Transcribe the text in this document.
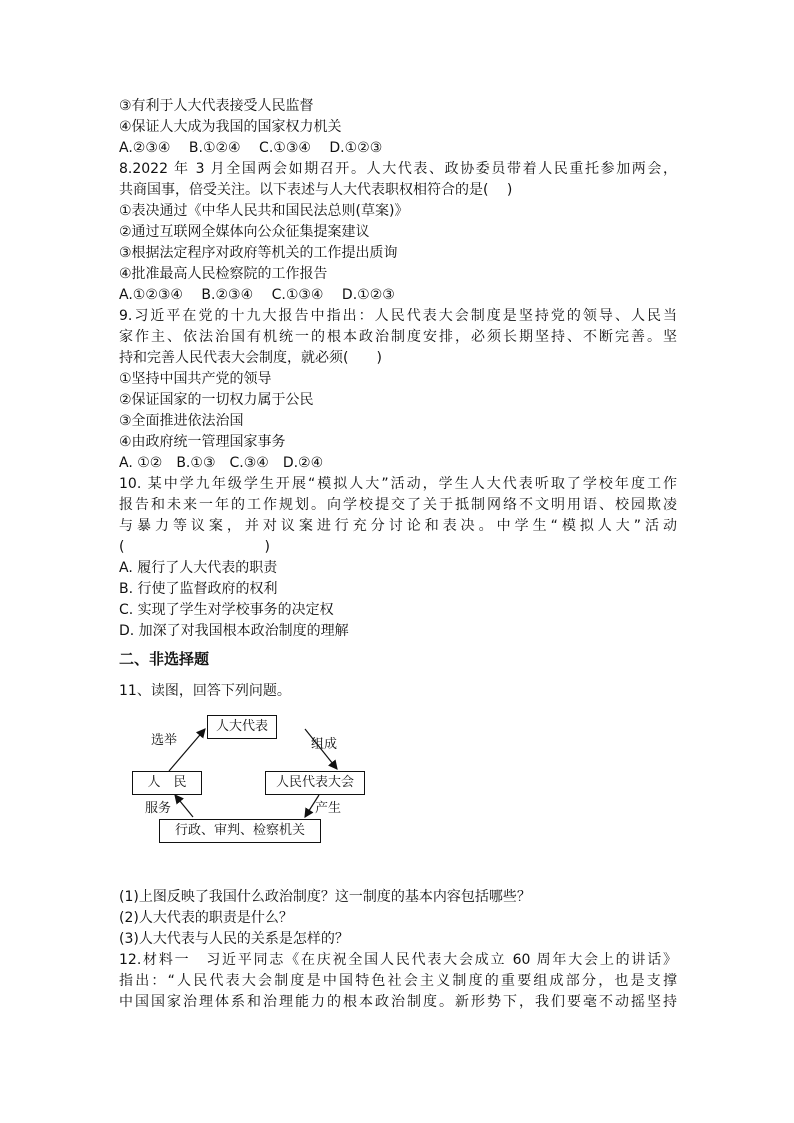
③有利于人大代表接受人民监督

④保证人大成为我国的国家权力机关

A.②③④　 B.①②④　 C.①③④　 D.①②③

8.2022 年 3 月全国两会如期召开。人大代表、政协委员带着人民重托参加两会，

共商国事，倍受关注。以下表述与人大代表职权相符合的是(　 )

①表决通过《中华人民共和国民法总则(草案)》

②通过互联网全媒体向公众征集提案建议

③根据法定程序对政府等机关的工作提出质询

④批准最高人民检察院的工作报告

A.①②③④　 B.②③④　 C.①③④　 D.①②③

9.习近平在党的十九大报告中指出：人民代表大会制度是坚持党的领导、人民当

家作主、依法治国有机统一的根本政治制度安排，必须长期坚持、不断完善。坚

持和完善人民代表大会制度，就必须(　　)

①坚持中国共产党的领导

②保证国家的一切权力属于公民

③全面推进依法治国

④由政府统一管理国家事务

A. ①②　B.①③　C.③④　D.②④

10. 某中学九年级学生开展“模拟人大”活动，学生人大代表听取了学校年度工作

报告和未来一年的工作规划。向学校提交了关于抵制网络不文明用语、校园欺凌

与暴力等议案，并对议案进行充分讨论和表决。中学生“模拟人大”活动

(　　　　　　　　　　)

A. 履行了人大代表的职责

B. 行使了监督政府的权利

C. 实现了学生对学校事务的决定权

D. 加深了对我国根本政治制度的理解

二、非选择题

11、读图，回答下列问题。

人大代表
人　民	人民代表大会
行政、审判、检察机关
选举	组成
产生
服务

(1)上图反映了我国什么政治制度？这一制度的基本内容包括哪些？

(2)人大代表的职责是什么？

(3)人大代表与人民的关系是怎样的？

12.材料一　习近平同志《在庆祝全国人民代表大会成立 60 周年大会上的讲话》

指出：“人民代表大会制度是中国特色社会主义制度的重要组成部分，也是支撑

中国国家治理体系和治理能力的根本政治制度。新形势下，我们要毫不动摇坚持
